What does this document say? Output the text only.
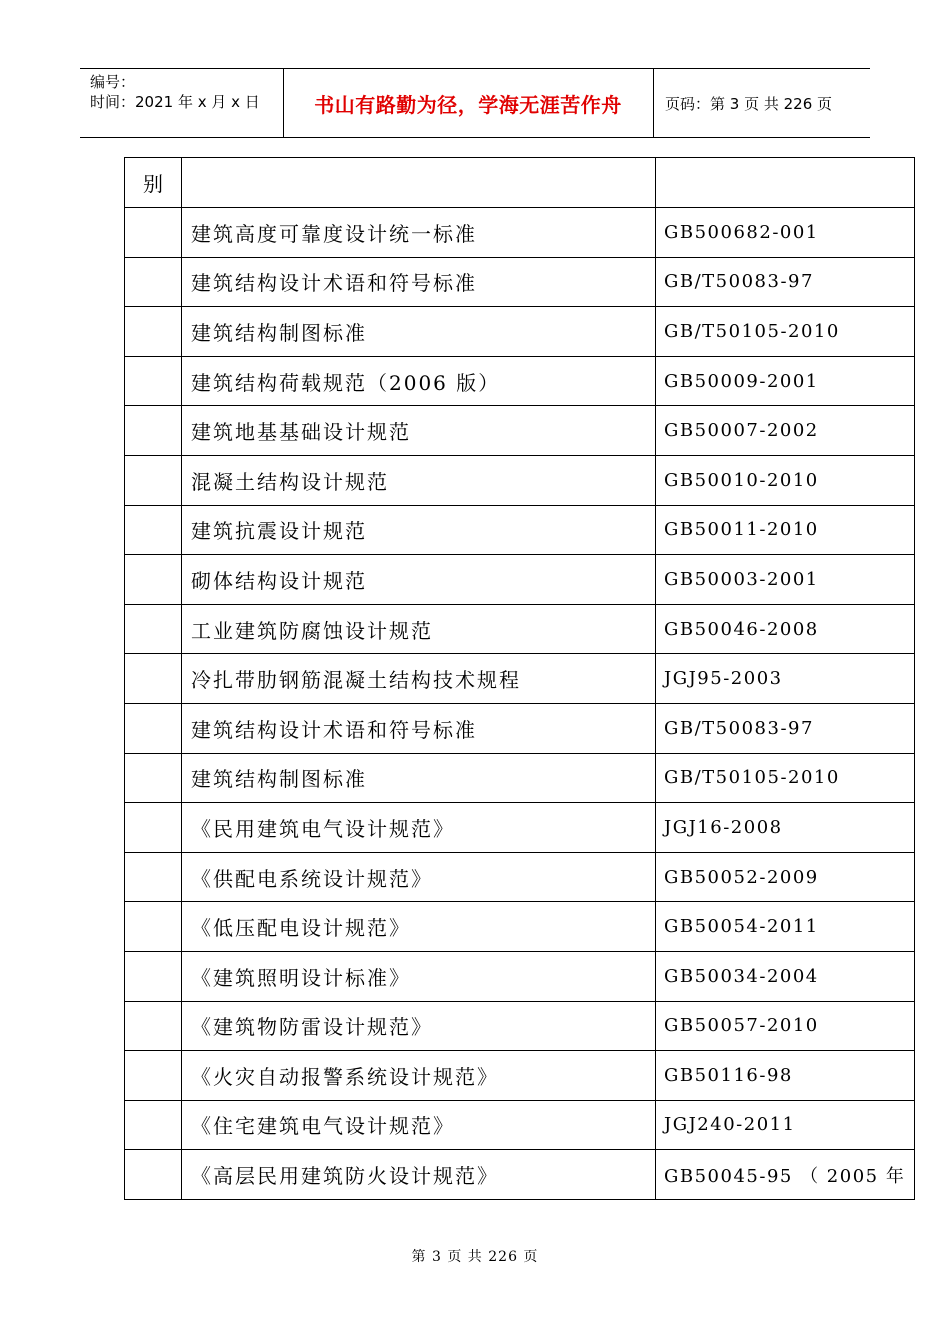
编号：
时间：2021 年 x 月 x 日	书山有路勤为径，学海无涯苦作舟	页码：第 3 页 共 226 页
别		
	建筑高度可靠度设计统一标准	GB500682-001
	建筑结构设计术语和符号标准	GB/T50083-97
	建筑结构制图标准	GB/T50105-2010
	建筑结构荷载规范（2006 版）	GB50009-2001
	建筑地基基础设计规范	GB50007-2002
	混凝土结构设计规范	GB50010-2010
	建筑抗震设计规范	GB50011-2010
	砌体结构设计规范	GB50003-2001
	工业建筑防腐蚀设计规范	GB50046-2008
	冷扎带肋钢筋混凝土结构技术规程	JGJ95-2003
	建筑结构设计术语和符号标准	GB/T50083-97
	建筑结构制图标准	GB/T50105-2010
	《民用建筑电气设计规范》	JGJ16-2008
	《供配电系统设计规范》	GB50052-2009
	《低压配电设计规范》	GB50054-2011
	《建筑照明设计标准》	GB50034-2004
	《建筑物防雷设计规范》	GB50057-2010
	《火灾自动报警系统设计规范》	GB50116-98
	《住宅建筑电气设计规范》	JGJ240-2011
	《高层民用建筑防火设计规范》	GB50045-95 （ 2005 年
第 3 页 共 226 页
